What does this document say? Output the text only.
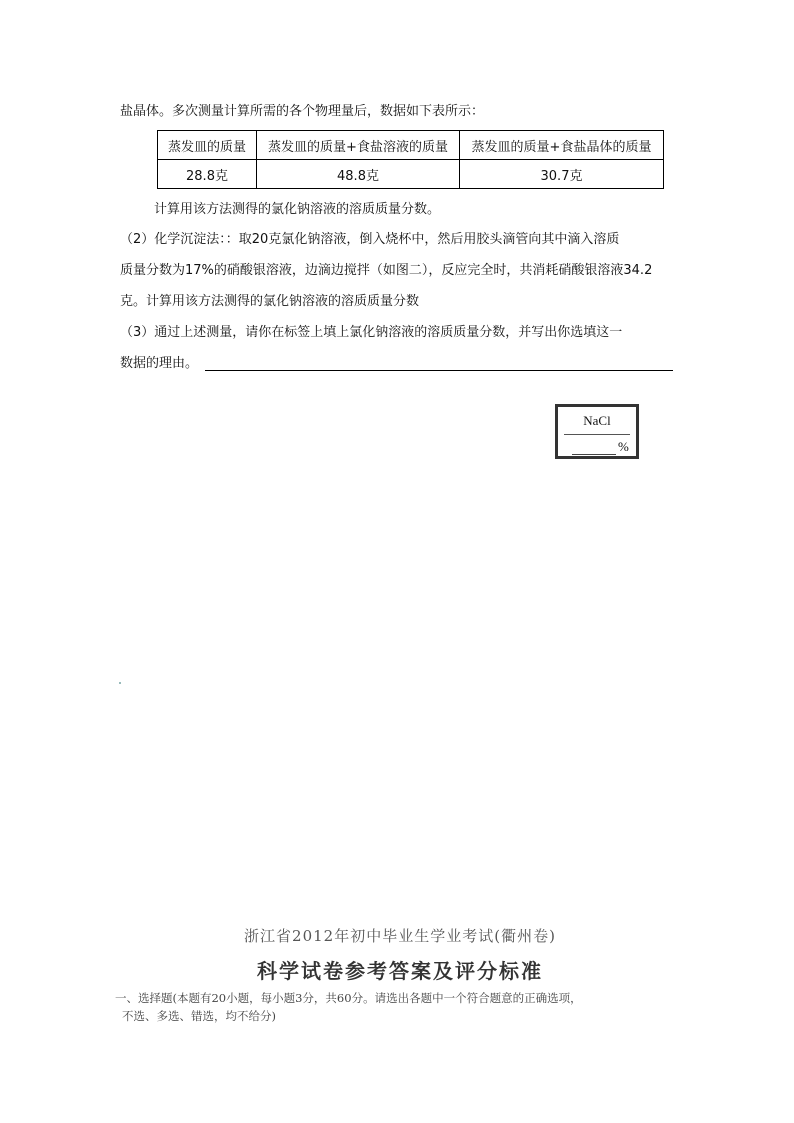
盐晶体。多次测量计算所需的各个物理量后，数据如下表所示：
蒸发皿的质量	蒸发皿的质量+食盐溶液的质量	蒸发皿的质量+食盐晶体的质量
28.8克	48.8克	30.7克
计算用该方法测得的氯化钠溶液的溶质质量分数。
（2）化学沉淀法：：取20克氯化钠溶液，倒入烧杯中，然后用胶头滴管向其中滴入溶质
质量分数为17%的硝酸银溶液，边滴边搅拌（如图二），反应完全时，共消耗硝酸银溶液34.2
克。计算用该方法测得的氯化钠溶液的溶质质量分数
（3）通过上述测量，请你在标签上填上氯化钠溶液的溶质质量分数，并写出你选填这一
数据的理由。
NaCl
%
浙江省2012年初中毕业生学业考试(衢州卷)
科学试卷参考答案及评分标准
一、选择题(本题有20小题，每小题3分，共60分。请选出各题中一个符合题意的正确选项，
不选、多选、错选，均不给分)
